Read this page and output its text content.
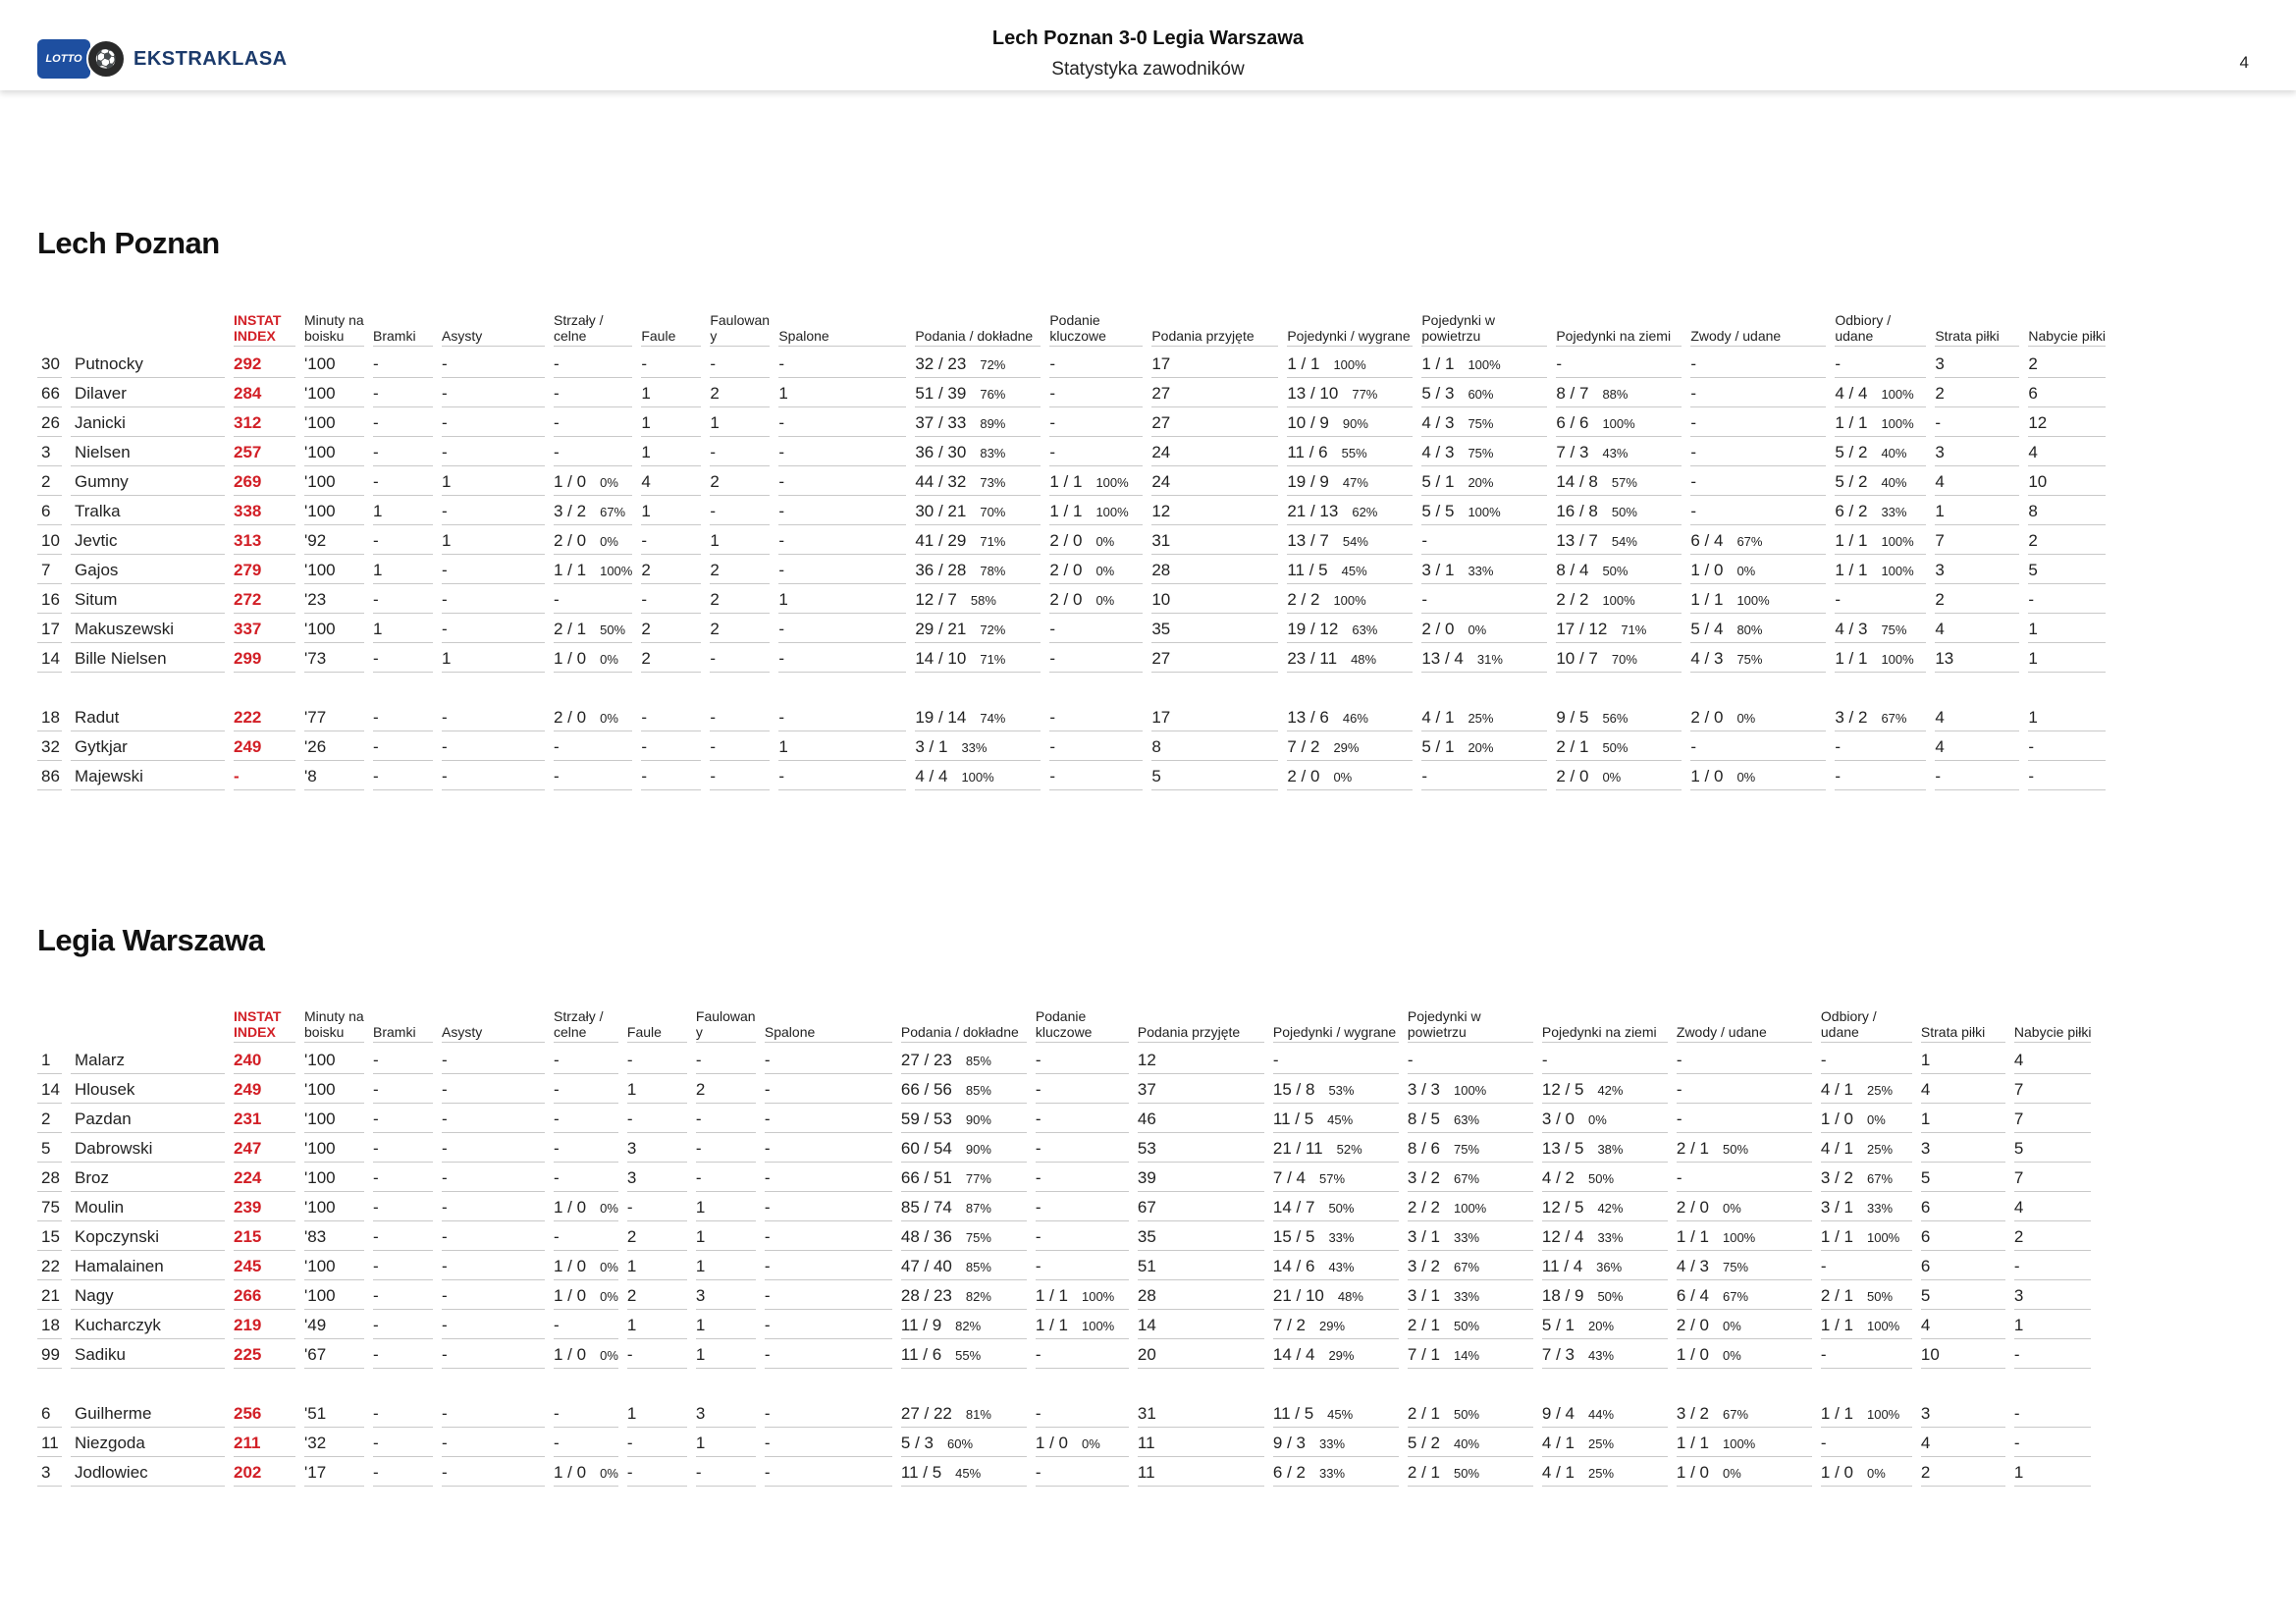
LOTTO ⚽ EKSTRAKLASA
Lech Poznan 3-0 Legia Warszawa
Statystyka zawodników	4
Lech Poznan

		INSTAT INDEX	Minuty na boisku	Bramki	Asysty	Strzały / celne	Faule	Faulowan y	Spalone	Podania / dokładne	Podanie kluczowe	Podania przyjęte	Pojedynki / wygrane	Pojedynki w powietrzu	Pojedynki na ziemi	Zwody / udane	Odbiory / udane	Strata piłki	Nabycie piłki

30	Putnocky	292	'100	-	-	-	-	-	-	32 / 23 72%	-	17	1 / 1 100%	1 / 1 100%	-	-	-	3	2

66	Dilaver	284	'100	-	-	-	1	2	1	51 / 39 76%	-	27	13 / 10 77%	5 / 3 60%	8 / 7 88%	-	4 / 4 100%	2	6

26	Janicki	312	'100	-	-	-	1	1	-	37 / 33 89%	-	27	10 / 9 90%	4 / 3 75%	6 / 6 100%	-	1 / 1 100%	-	12

3	Nielsen	257	'100	-	-	-	1	-	-	36 / 30 83%	-	24	11 / 6 55%	4 / 3 75%	7 / 3 43%	-	5 / 2 40%	3	4

2	Gumny	269	'100	-	1	1 / 0 0%	4	2	-	44 / 32 73%	1 / 1 100%	24	19 / 9 47%	5 / 1 20%	14 / 8 57%	-	5 / 2 40%	4	10

6	Tralka	338	'100	1	-	3 / 2 67%	1	-	-	30 / 21 70%	1 / 1 100%	12	21 / 13 62%	5 / 5 100%	16 / 8 50%	-	6 / 2 33%	1	8

10	Jevtic	313	'92	-	1	2 / 0 0%	-	1	-	41 / 29 71%	2 / 0 0%	31	13 / 7 54%	-	13 / 7 54%	6 / 4 67%	1 / 1 100%	7	2

7	Gajos	279	'100	1	-	1 / 1 100%	2	2	-	36 / 28 78%	2 / 0 0%	28	11 / 5 45%	3 / 1 33%	8 / 4 50%	1 / 0 0%	1 / 1 100%	3	5

16	Situm	272	'23	-	-	-	-	2	1	12 / 7 58%	2 / 0 0%	10	2 / 2 100%	-	2 / 2 100%	1 / 1 100%	-	2	-

17	Makuszewski	337	'100	1	-	2 / 1 50%	2	2	-	29 / 21 72%	-	35	19 / 12 63%	2 / 0 0%	17 / 12 71%	5 / 4 80%	4 / 3 75%	4	1

14	Bille Nielsen	299	'73	-	1	1 / 0 0%	2	-	-	14 / 10 71%	-	27	23 / 11 48%	13 / 4 31%	10 / 7 70%	4 / 3 75%	1 / 1 100%	13	1

18	Radut	222	'77	-	-	2 / 0 0%	-	-	-	19 / 14 74%	-	17	13 / 6 46%	4 / 1 25%	9 / 5 56%	2 / 0 0%	3 / 2 67%	4	1

32	Gytkjar	249	'26	-	-	-	-	-	1	3 / 1 33%	-	8	7 / 2 29%	5 / 1 20%	2 / 1 50%	-	-	4	-

86	Majewski	-	'8	-	-	-	-	-	-	4 / 4 100%	-	5	2 / 0 0%	-	2 / 0 0%	1 / 0 0%	-	-	-
Legia Warszawa

		INSTAT INDEX	Minuty na boisku	Bramki	Asysty	Strzały / celne	Faule	Faulowan y	Spalone	Podania / dokładne	Podanie kluczowe	Podania przyjęte	Pojedynki / wygrane	Pojedynki w powietrzu	Pojedynki na ziemi	Zwody / udane	Odbiory / udane	Strata piłki	Nabycie piłki

1	Malarz	240	'100	-	-	-	-	-	-	27 / 23 85%	-	12	-	-	-	-	-	1	4

14	Hlousek	249	'100	-	-	-	1	2	-	66 / 56 85%	-	37	15 / 8 53%	3 / 3 100%	12 / 5 42%	-	4 / 1 25%	4	7

2	Pazdan	231	'100	-	-	-	-	-	-	59 / 53 90%	-	46	11 / 5 45%	8 / 5 63%	3 / 0 0%	-	1 / 0 0%	1	7

5	Dabrowski	247	'100	-	-	-	3	-	-	60 / 54 90%	-	53	21 / 11 52%	8 / 6 75%	13 / 5 38%	2 / 1 50%	4 / 1 25%	3	5

28	Broz	224	'100	-	-	-	3	-	-	66 / 51 77%	-	39	7 / 4 57%	3 / 2 67%	4 / 2 50%	-	3 / 2 67%	5	7

75	Moulin	239	'100	-	-	1 / 0 0%	-	1	-	85 / 74 87%	-	67	14 / 7 50%	2 / 2 100%	12 / 5 42%	2 / 0 0%	3 / 1 33%	6	4

15	Kopczynski	215	'83	-	-	-	2	1	-	48 / 36 75%	-	35	15 / 5 33%	3 / 1 33%	12 / 4 33%	1 / 1 100%	1 / 1 100%	6	2

22	Hamalainen	245	'100	-	-	1 / 0 0%	1	1	-	47 / 40 85%	-	51	14 / 6 43%	3 / 2 67%	11 / 4 36%	4 / 3 75%	-	6	-

21	Nagy	266	'100	-	-	1 / 0 0%	2	3	-	28 / 23 82%	1 / 1 100%	28	21 / 10 48%	3 / 1 33%	18 / 9 50%	6 / 4 67%	2 / 1 50%	5	3

18	Kucharczyk	219	'49	-	-	-	1	1	-	11 / 9 82%	1 / 1 100%	14	7 / 2 29%	2 / 1 50%	5 / 1 20%	2 / 0 0%	1 / 1 100%	4	1

99	Sadiku	225	'67	-	-	1 / 0 0%	-	1	-	11 / 6 55%	-	20	14 / 4 29%	7 / 1 14%	7 / 3 43%	1 / 0 0%	-	10	-

6	Guilherme	256	'51	-	-	-	1	3	-	27 / 22 81%	-	31	11 / 5 45%	2 / 1 50%	9 / 4 44%	3 / 2 67%	1 / 1 100%	3	-

11	Niezgoda	211	'32	-	-	-	-	1	-	5 / 3 60%	1 / 0 0%	11	9 / 3 33%	5 / 2 40%	4 / 1 25%	1 / 1 100%	-	4	-

3	Jodlowiec	202	'17	-	-	1 / 0 0%	-	-	-	11 / 5 45%	-	11	6 / 2 33%	2 / 1 50%	4 / 1 25%	1 / 0 0%	1 / 0 0%	2	1
